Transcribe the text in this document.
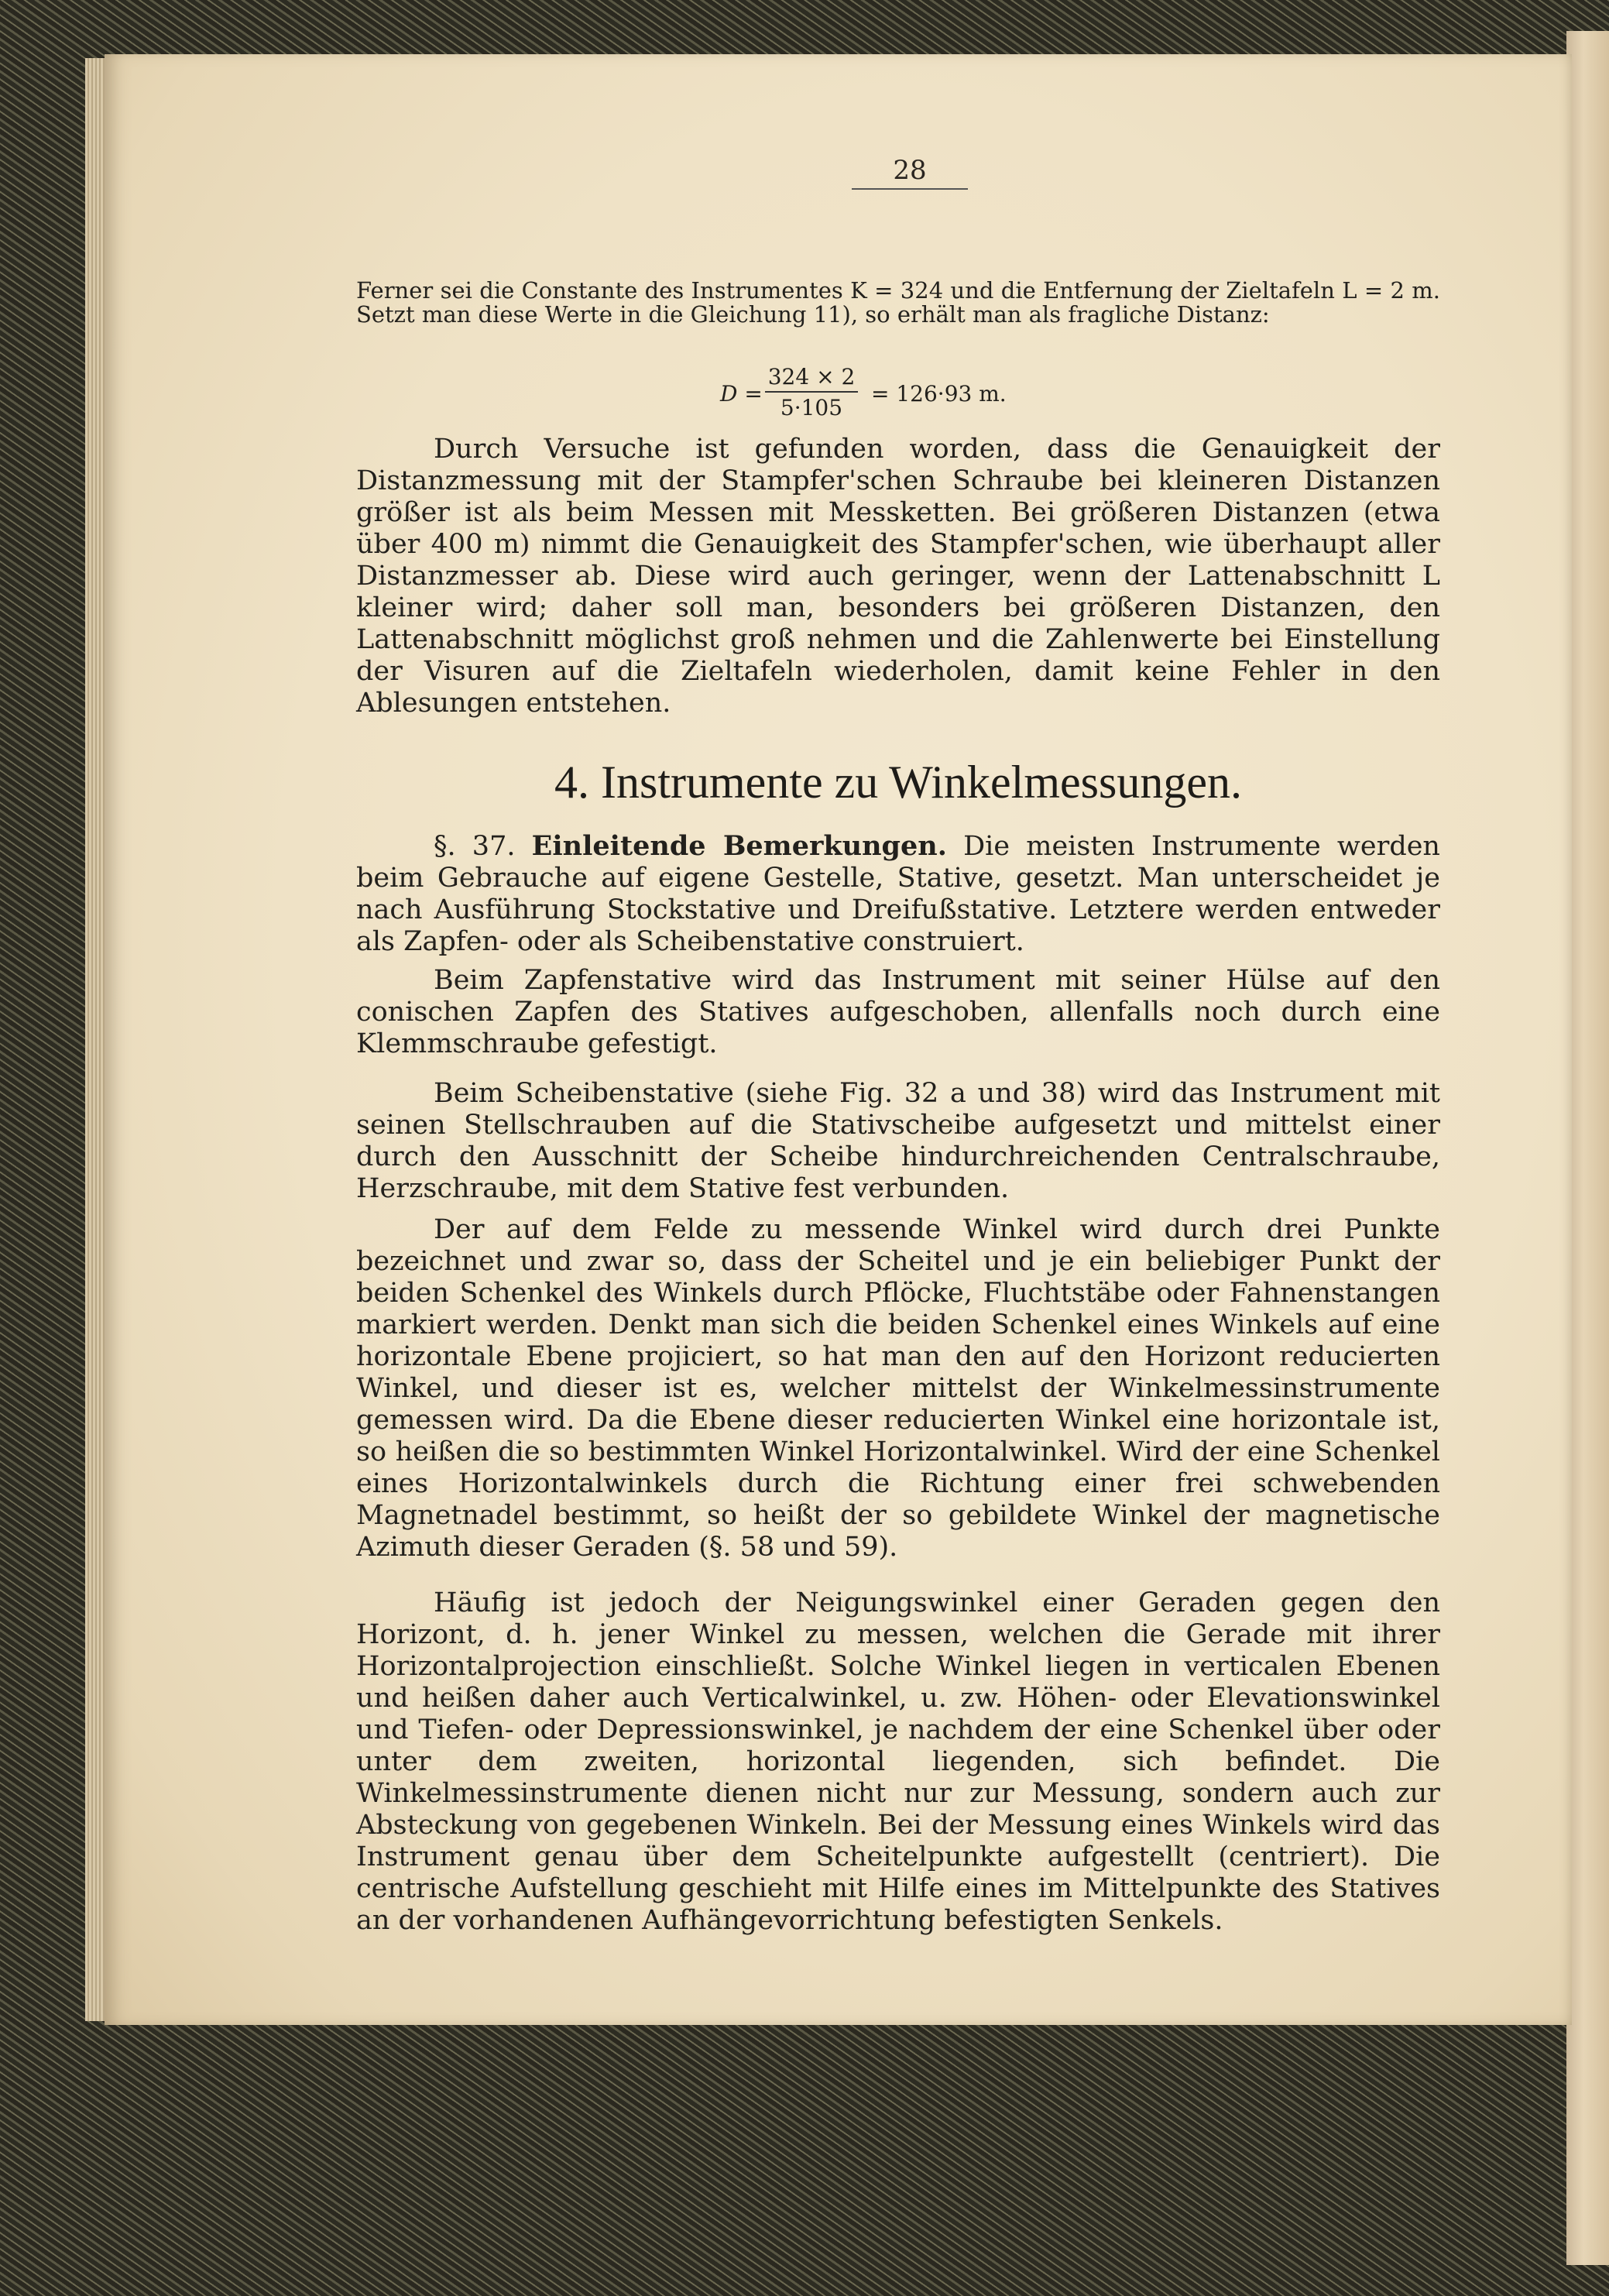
28

Ferner sei die Constante des Instrumentes K = 324 und die Entfernung der Zieltafeln L = 2 m. Setzt man diese Werte in die Gleichung 11), so erhält man als fragliche Distanz:

D =
324 × 2
5·105
= 126·93 m.

Durch Versuche ist gefunden worden, dass die Genauigkeit der Distanzmessung mit der Stampfer'schen Schraube bei kleineren Distanzen größer ist als beim Messen mit Messketten. Bei größeren Distanzen (etwa über 400 m) nimmt die Genauigkeit des Stampfer'schen, wie überhaupt aller Distanzmesser ab. Diese wird auch geringer, wenn der Lattenabschnitt L kleiner wird; daher soll man, besonders bei größeren Distanzen, den Lattenabschnitt möglichst groß nehmen und die Zahlenwerte bei Einstellung der Visuren auf die Zieltafeln wiederholen, damit keine Fehler in den Ablesungen entstehen.

4. Instrumente zu Winkelmessungen.

§. 37. Einleitende Bemerkungen. Die meisten Instrumente werden beim Gebrauche auf eigene Gestelle, Stative, gesetzt. Man unterscheidet je nach Ausführung Stockstative und Dreifußstative. Letztere werden entweder als Zapfen- oder als Scheibenstative construiert.

Beim Zapfenstative wird das Instrument mit seiner Hülse auf den conischen Zapfen des Statives aufgeschoben, allenfalls noch durch eine Klemmschraube gefestigt.

Beim Scheibenstative (siehe Fig. 32 a und 38) wird das Instrument mit seinen Stellschrauben auf die Stativscheibe aufgesetzt und mittelst einer durch den Ausschnitt der Scheibe hindurchreichenden Centralschraube, Herzschraube, mit dem Stative fest verbunden.

Der auf dem Felde zu messende Winkel wird durch drei Punkte bezeichnet und zwar so, dass der Scheitel und je ein beliebiger Punkt der beiden Schenkel des Winkels durch Pflöcke, Fluchtstäbe oder Fahnenstangen markiert werden. Denkt man sich die beiden Schenkel eines Winkels auf eine horizontale Ebene projiciert, so hat man den auf den Horizont reducierten Winkel, und dieser ist es, welcher mittelst der Winkelmessinstrumente gemessen wird. Da die Ebene dieser reducierten Winkel eine horizontale ist, so heißen die so bestimmten Winkel Horizontalwinkel. Wird der eine Schenkel eines Horizontalwinkels durch die Richtung einer frei schwebenden Magnetnadel bestimmt, so heißt der so gebildete Winkel der magnetische Azimuth dieser Geraden (§. 58 und 59).

Häufig ist jedoch der Neigungswinkel einer Geraden gegen den Horizont, d. h. jener Winkel zu messen, welchen die Gerade mit ihrer Horizontalprojection einschließt. Solche Winkel liegen in verticalen Ebenen und heißen daher auch Verticalwinkel, u. zw. Höhen- oder Elevationswinkel und Tiefen- oder Depressionswinkel, je nachdem der eine Schenkel über oder unter dem zweiten, horizontal liegenden, sich befindet. Die Winkelmessinstrumente dienen nicht nur zur Messung, sondern auch zur Absteckung von gegebenen Winkeln. Bei der Messung eines Winkels wird das Instrument genau über dem Scheitelpunkte aufgestellt (centriert). Die centrische Aufstellung geschieht mit Hilfe eines im Mittelpunkte des Statives an der vorhandenen Aufhängevorrichtung befestigten Senkels.
